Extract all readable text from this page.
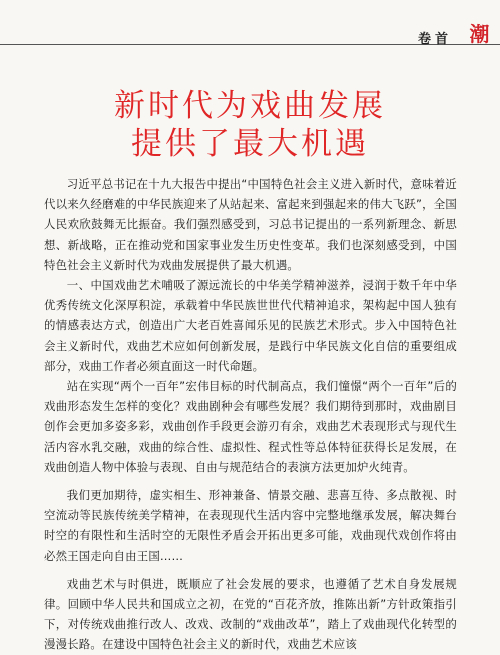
卷首 潮
新时代为戏曲发展
提供了最大机遇

习近平总书记在十九大报告中提出“中国特色社会主义进入新时代，意味着近代以来久经磨难的中华民族迎来了从站起来、富起来到强起来的伟大飞跃”，全国人民欢欣鼓舞无比振奋。我们强烈感受到，习总书记提出的一系列新理念、新思想、新战略，正在推动党和国家事业发生历史性变革。我们也深刻感受到，中国特色社会主义新时代为戏曲发展提供了最大机遇。

一、中国戏曲艺术哺吸了源远流长的中华美学精神滋养，浸润于数千年中华优秀传统文化深厚积淀，承载着中华民族世世代代精神追求，架构起中国人独有的情感表达方式，创造出广大老百姓喜闻乐见的民族艺术形式。步入中国特色社会主义新时代，戏曲艺术应如何创新发展，是践行中华民族文化自信的重要组成部分，戏曲工作者必须直面这一时代命题。

站在实现“两个一百年”宏伟目标的时代制高点，我们憧憬“两个一百年”后的戏曲形态发生怎样的变化？戏曲剧种会有哪些发展？我们期待到那时，戏曲剧目创作会更加多姿多彩，戏曲创作手段更会游刃有余，戏曲艺术表现形式与现代生活内容水乳交融，戏曲的综合性、虚拟性、程式性等总体特征获得长足发展，在戏曲创造人物中体验与表现、自由与规范结合的表演方法更加炉火纯青。

我们更加期待，虚实相生、形神兼备、情景交融、悲喜互待、多点散视、时空流动等民族传统美学精神，在表现现代生活内容中完整地继承发展，解决舞台时空的有限性和生活时空的无限性矛盾会开拓出更多可能，戏曲现代戏创作将由必然王国走向自由王国……

戏曲艺术与时俱进，既顺应了社会发展的要求，也遵循了艺术自身发展规律。回顾中华人民共和国成立之初，在党的“百花齐放，推陈出新”方针政策指引下，对传统戏曲推行改人、改戏、改制的“戏曲改革”，踏上了戏曲现代化转型的漫漫长路。在建设中国特色社会主义的新时代，戏曲艺术应该
